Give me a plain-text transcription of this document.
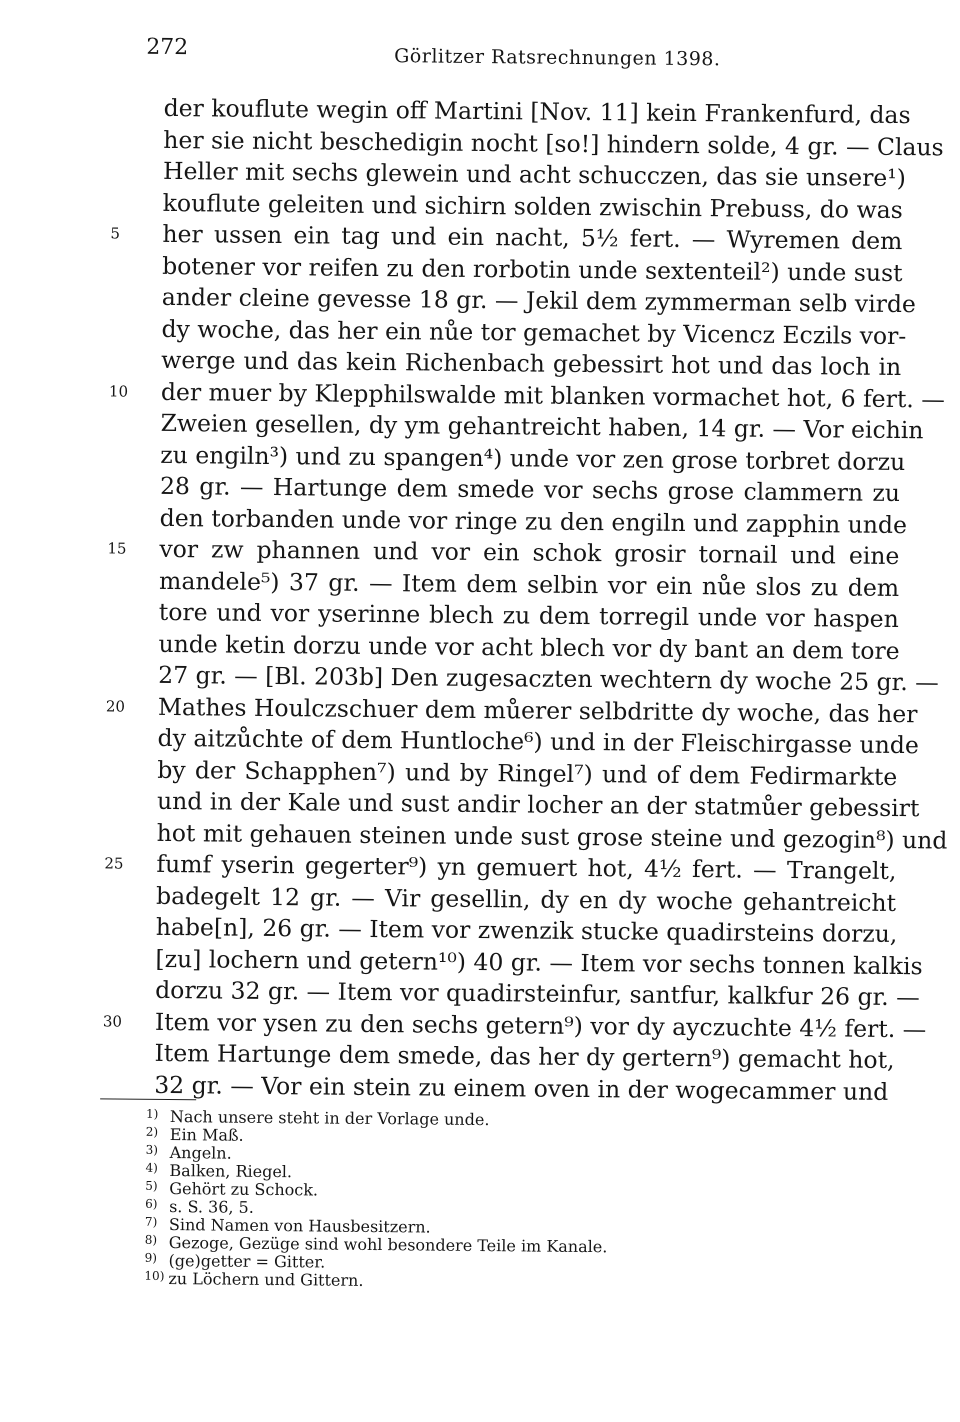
272	Görlitzer Ratsrechnungen 1398.
der kouflute wegin off Martini [Nov. 11] kein Frankenfurd, das
her sie nicht beschedigin nocht [so!] hindern solde, 4 gr. — Claus
Heller mit sechs glewein und acht schucczen, das sie unsere¹)
kouflute geleiten und sichirn solden zwischin Prebuss, do was
5	her ussen ein tag und ein nacht, 5½ fert. — Wyremen dem
botener vor reifen zu den rorbotin unde sextenteil²) unde sust
ander cleine gevesse 18 gr. — Jekil dem zymmerman selb virde
dy woche, das her ein nůe tor gemachet by Vicencz Eczils vor-
werge und das kein Richenbach gebessirt hot und das loch in
10	der muer by Klepphilswalde mit blanken vormachet hot, 6 fert. —
Zweien gesellen, dy ym gehantreicht haben, 14 gr. — Vor eichin
zu engiln³) und zu spangen⁴) unde vor zen grose torbret dorzu
28 gr. — Hartunge dem smede vor sechs grose clammern zu
den torbanden unde vor ringe zu den engiln und zapphin unde
15	vor zw phannen und vor ein schok grosir tornail und eine
mandele⁵) 37 gr. — Item dem selbin vor ein nůe slos zu dem
tore und vor yserinne blech zu dem torregil unde vor haspen
unde ketin dorzu unde vor acht blech vor dy bant an dem tore
27 gr. — [Bl. 203b] Den zugesaczten wechtern dy woche 25 gr. —
20	Mathes Houlczschuer dem můerer selbdritte dy woche, das her
dy aitzůchte of dem Huntloche⁶) und in der Fleischirgasse unde
by der Schapphen⁷) und by Ringel⁷) und of dem Fedirmarkte
und in der Kale und sust andir locher an der statmůer gebessirt
hot mit gehauen steinen unde sust grose steine und gezogin⁸) und
25	fumf yserin gegerter⁹) yn gemuert hot, 4½ fert. — Trangelt,
badegelt 12 gr. — Vir gesellin, dy en dy woche gehantreicht
habe[n], 26 gr. — Item vor zwenzik stucke quadirsteins dorzu,
[zu] lochern und getern¹⁰) 40 gr. — Item vor sechs tonnen kalkis
dorzu 32 gr. — Item vor quadirsteinfur, santfur, kalkfur 26 gr. —
30	Item vor ysen zu den sechs getern⁹) vor dy ayczuchte 4½ fert. —
Item Hartunge dem smede, das her dy gertern⁹) gemacht hot,
32 gr. — Vor ein stein zu einem oven in der wogecammer und
1) Nach unsere steht in der Vorlage unde.
2) Ein Maß.
3) Angeln.
4) Balken, Riegel.
5) Gehört zu Schock.
6) s. S. 36, 5.
7) Sind Namen von Hausbesitzern.
8) Gezoge, Gezüge sind wohl besondere Teile im Kanale.
9) (ge)getter = Gitter.
10) zu Löchern und Gittern.
